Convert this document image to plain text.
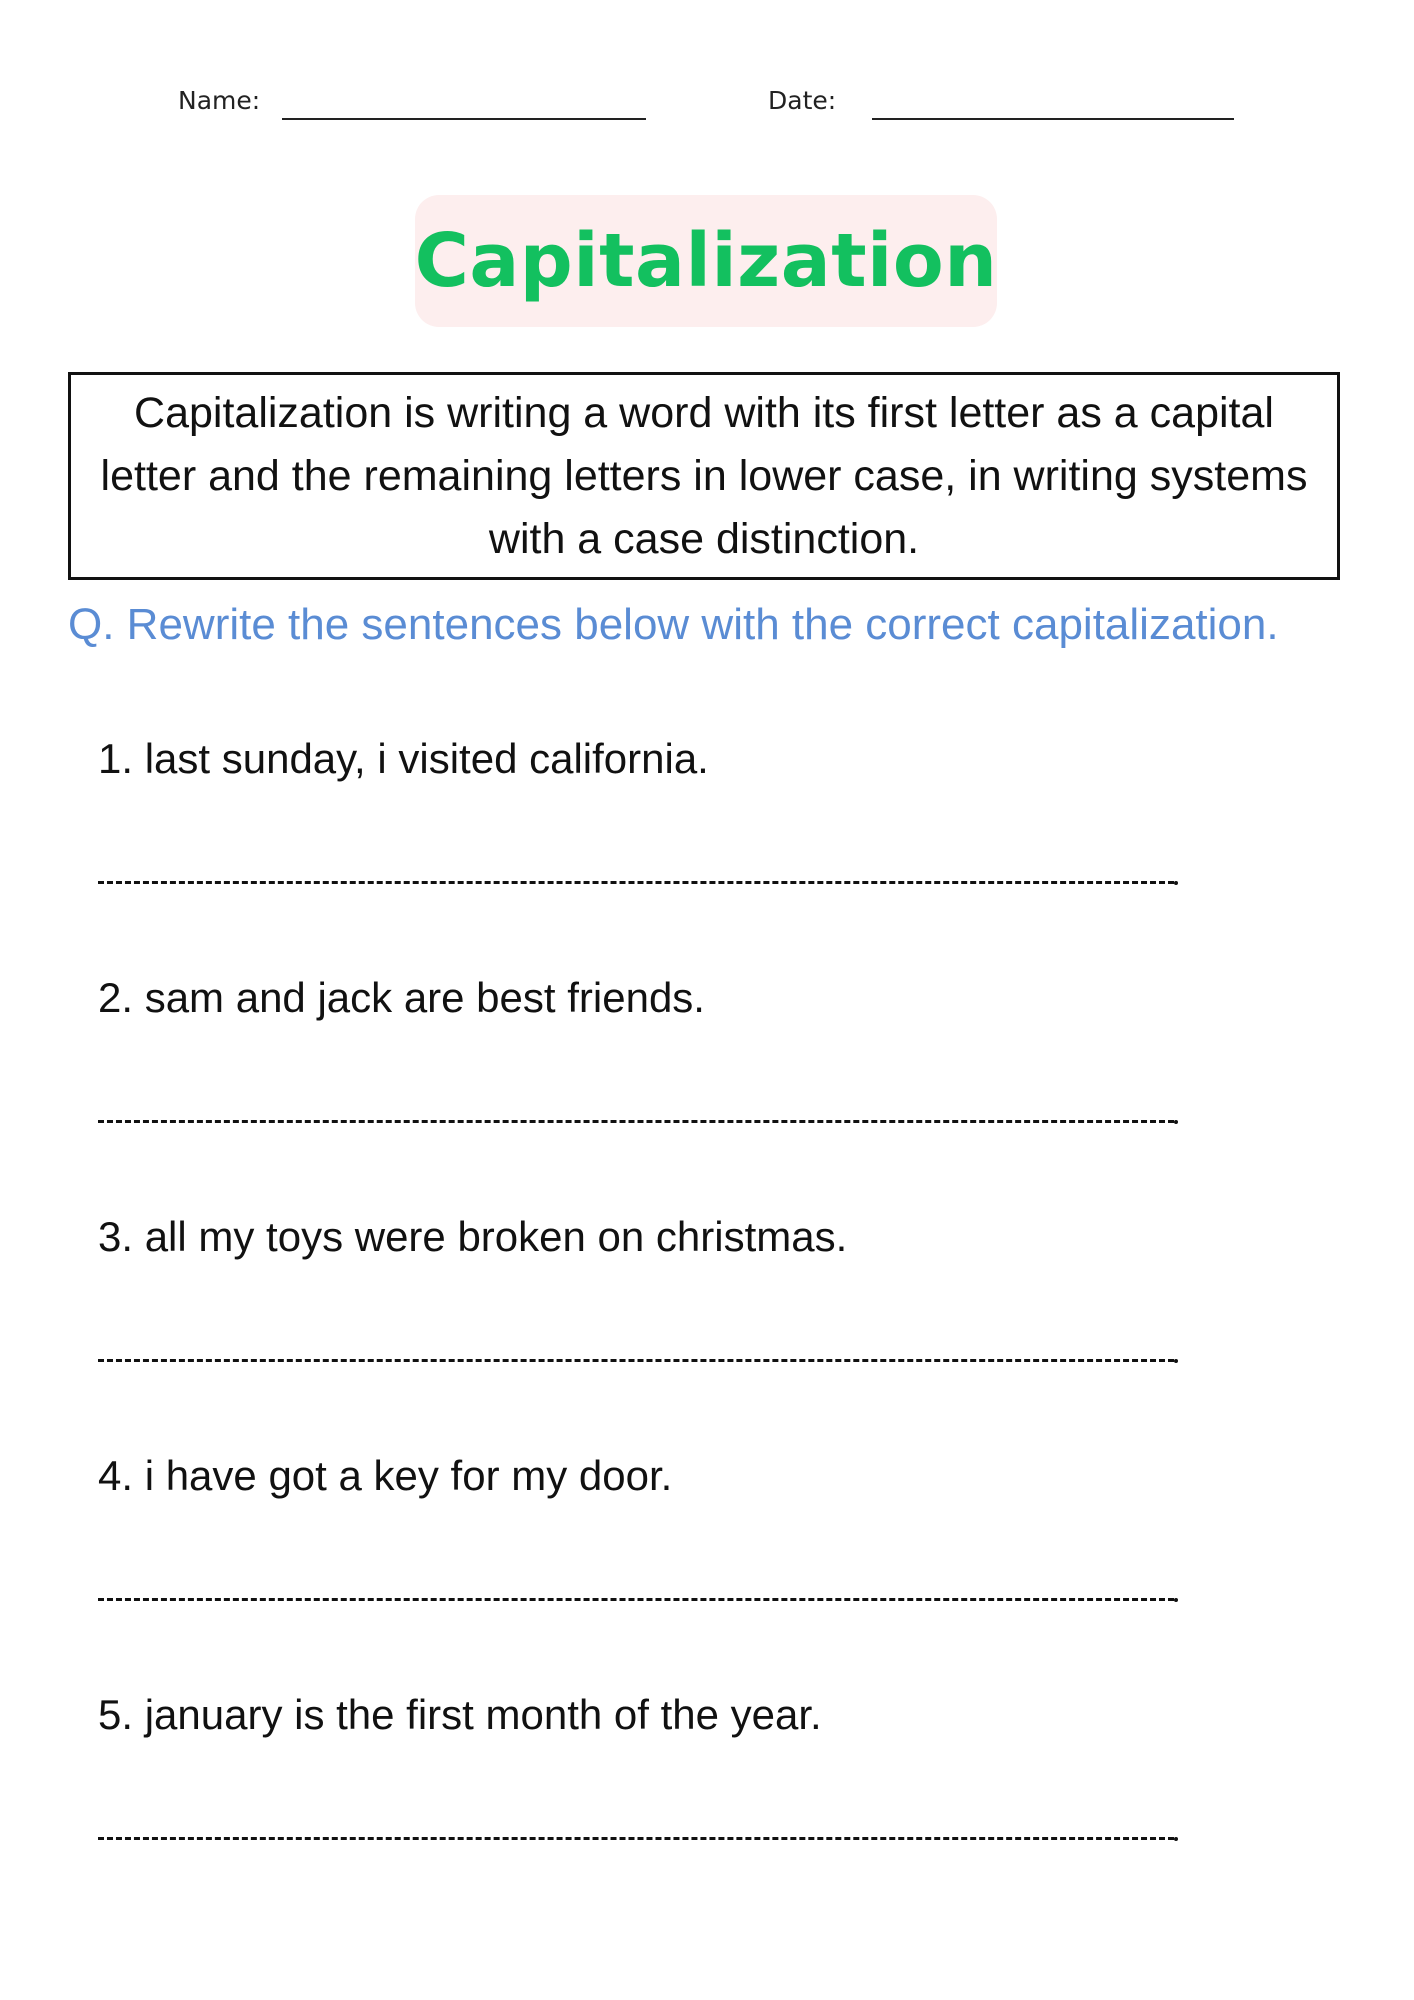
Name:	Date:
Capitalization
Capitalization is writing a word with its first letter as a capital letter and the remaining letters in lower case, in writing systems with a case distinction.
Q. Rewrite the sentences below with the correct capitalization.
1. last sunday, i visited california.
2. sam and jack are best friends.
3. all my toys were broken on christmas.
4. i have got a key for my door.
5. january is the first month of the year.
